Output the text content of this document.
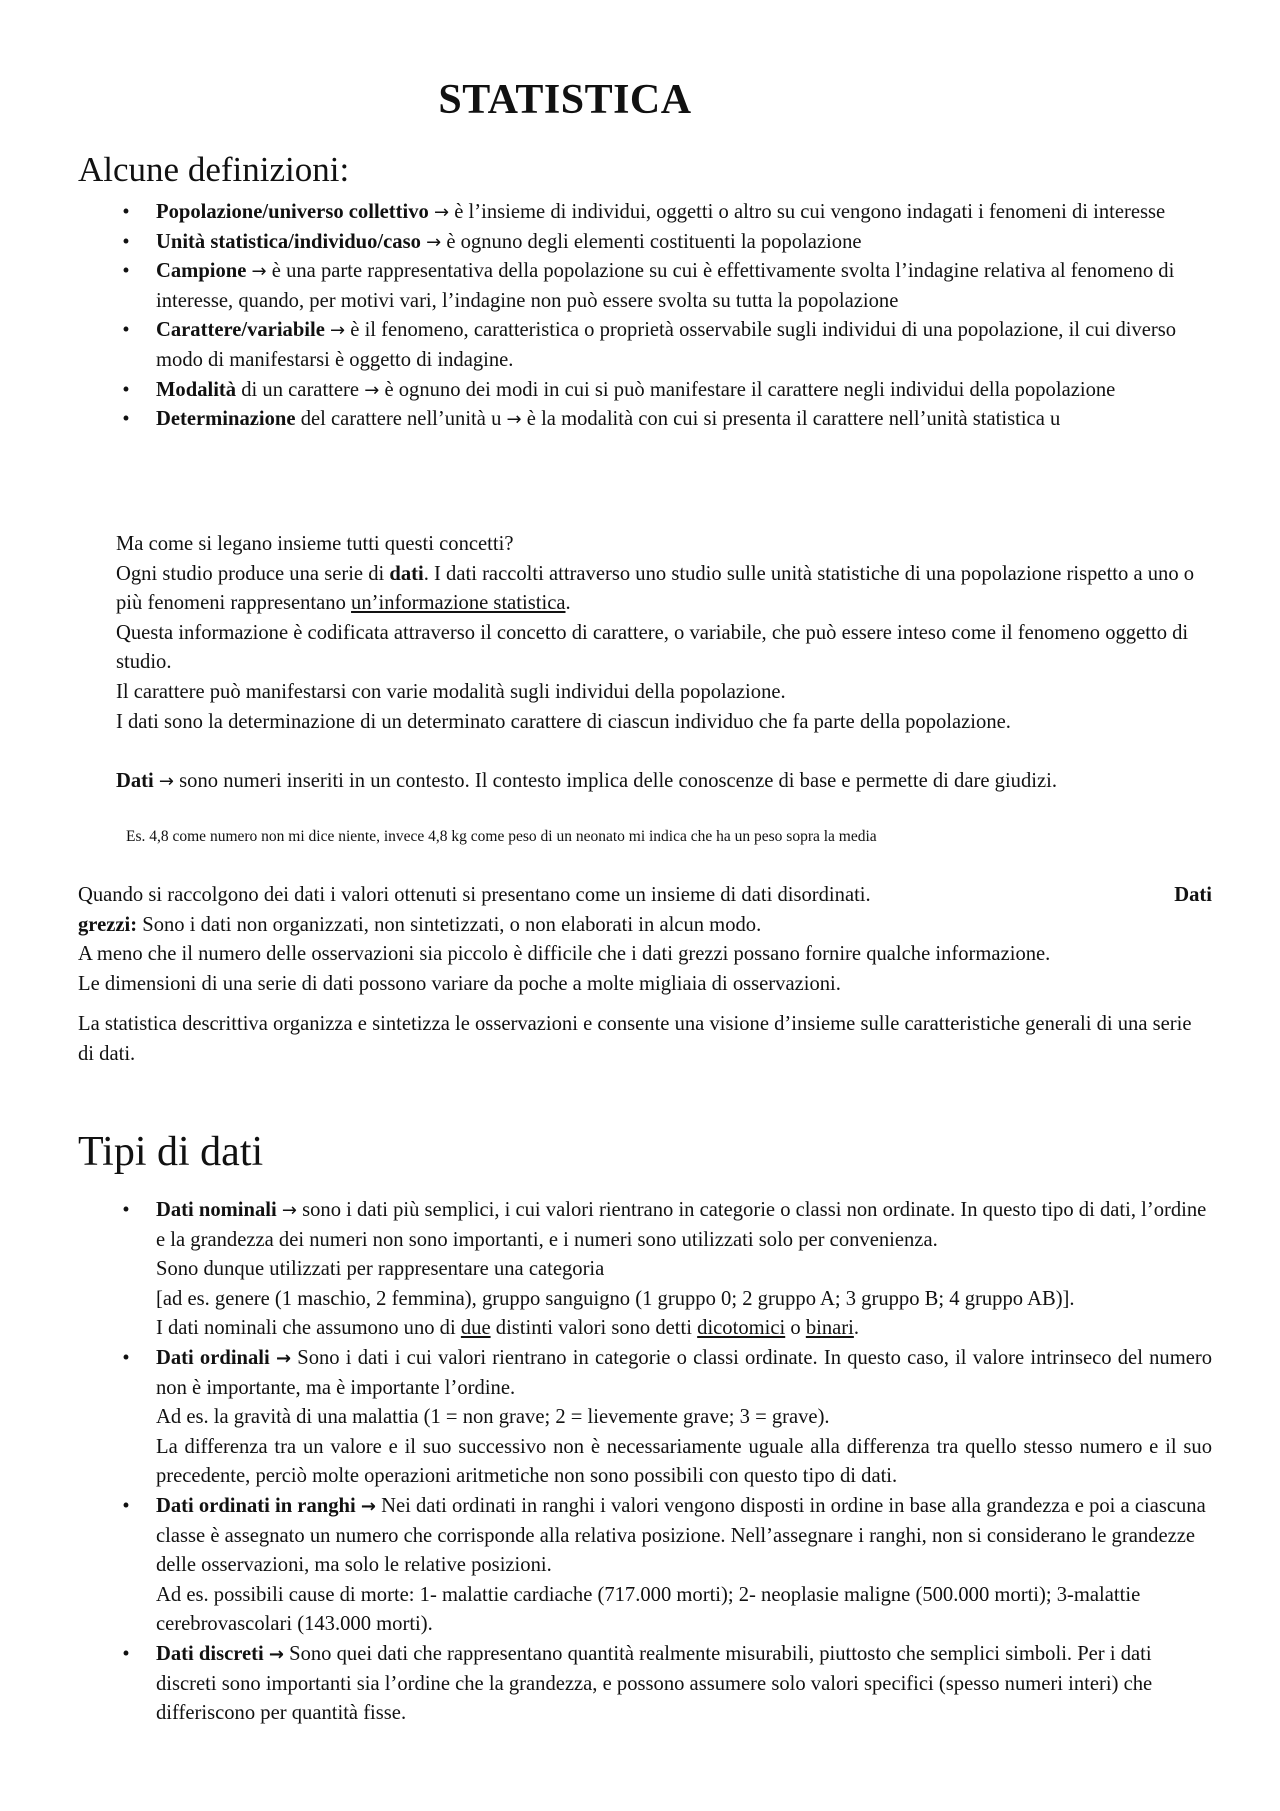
STATISTICA
Alcune definizioni:
•	Popolazione/universo collettivo → è l’insieme di individui, oggetti o altro su cui vengono indagati i fenomeni di interesse
•	Unità statistica/individuo/caso → è ognuno degli elementi costituenti la popolazione
•	Campione → è una parte rappresentativa della popolazione su cui è effettivamente svolta l’indagine relativa al fenomeno di interesse, quando, per motivi vari, l’indagine non può essere svolta su tutta la popolazione
•	Carattere/variabile → è il fenomeno, caratteristica o proprietà osservabile sugli individui di una popolazione, il cui diverso modo di manifestarsi è oggetto di indagine.
•	Modalità di un carattere → è ognuno dei modi in cui si può manifestare il carattere negli individui della popolazione
•	Determinazione del carattere nell’unità u → è la modalità con cui si presenta il carattere nell’unità statistica u

Ma come si legano insieme tutti questi concetti?

Ogni studio produce una serie di dati. I dati raccolti attraverso uno studio sulle unità statistiche di una popolazione rispetto a uno o più fenomeni rappresentano un’informazione statistica.

Questa informazione è codificata attraverso il concetto di carattere, o variabile, che può essere inteso come il fenomeno oggetto di studio.

Il carattere può manifestarsi con varie modalità sugli individui della popolazione.

I dati sono la determinazione di un determinato carattere di ciascun individuo che fa parte della popolazione.

Dati → sono numeri inseriti in un contesto. Il contesto implica delle conoscenze di base e permette di dare giudizi.
Es. 4,8 come numero non mi dice niente, invece 4,8 kg come peso di un neonato mi indica che ha un peso sopra la media

Dati
Quando si raccolgono dei dati i valori ottenuti si presentano come un insieme di dati disordinati.

grezzi: Sono i dati non organizzati, non sintetizzati, o non elaborati in alcun modo.

A meno che il numero delle osservazioni sia piccolo è difficile che i dati grezzi possano fornire qualche informazione.

Le dimensioni di una serie di dati possono variare da poche a molte migliaia di osservazioni.

La statistica descrittiva organizza e sintetizza le osservazioni e consente una visione d’insieme sulle caratteristiche generali di una serie di dati.
Tipi di dati
•	Dati nominali → sono i dati più semplici, i cui valori rientrano in categorie o classi non ordinate. In questo tipo di dati, l’ordine e la grandezza dei numeri non sono importanti, e i numeri sono utilizzati solo per convenienza.
Sono dunque utilizzati per rappresentare una categoria
[ad es. genere (1 maschio, 2 femmina), gruppo sanguigno (1 gruppo 0; 2 gruppo A; 3 gruppo B; 4 gruppo AB)].
I dati nominali che assumono uno di due distinti valori sono detti dicotomici o binari.
•	Dati ordinali → Sono i dati i cui valori rientrano in categorie o classi ordinate. In questo caso, il valore intrinseco del numero non è importante, ma è importante l’ordine.
Ad es. la gravità di una malattia (1 = non grave; 2 = lievemente grave; 3 = grave).
La differenza tra un valore e il suo successivo non è necessariamente uguale alla differenza tra quello stesso numero e il suo precedente, perciò molte operazioni aritmetiche non sono possibili con questo tipo di dati.
•	Dati ordinati in ranghi → Nei dati ordinati in ranghi i valori vengono disposti in ordine in base alla grandezza e poi a ciascuna classe è assegnato un numero che corrisponde alla relativa posizione. Nell’assegnare i ranghi, non si considerano le grandezze delle osservazioni, ma solo le relative posizioni.
Ad es. possibili cause di morte: 1- malattie cardiache (717.000 morti); 2- neoplasie maligne (500.000 morti); 3-malattie cerebrovascolari (143.000 morti).
•	Dati discreti → Sono quei dati che rappresentano quantità realmente misurabili, piuttosto che semplici simboli. Per i dati discreti sono importanti sia l’ordine che la grandezza, e possono assumere solo valori specifici (spesso numeri interi) che differiscono per quantità fisse.
